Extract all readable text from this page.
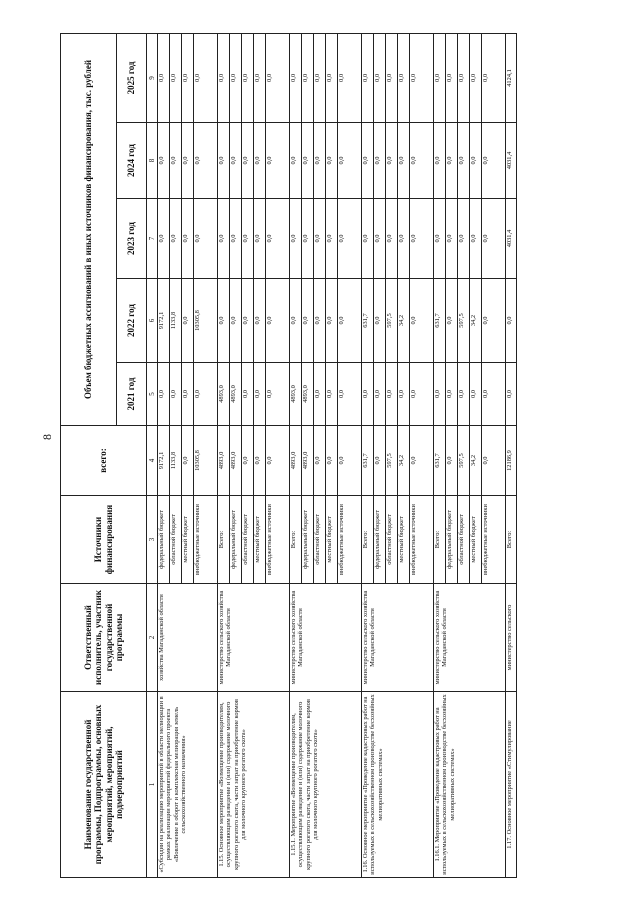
8
Наименование государственной программы, Подпрограммы, основных мероприятий, мероприятий, подмероприятий	Ответственный исполнитель, участник государственной программы	Источники финансирования	всего:	Объем бюджетных ассигнований в иных источников финансирования, тыс. рублей				
				2021 год	2022 год	2023 год	2024 год	2025 год
1	2	3	4	5	6	7	8	9
«Субсидии на реализацию мероприятий в области мелиорации в рамках реализации мероприятий федерального проекта «Вовлечение в оборот и комплексная мелиорация земель сельскохозяйственного назначения»	хозяйства Магаданской области	федеральный бюджет	9172,1	0,0	9172,1	0,0	0,0	0,0
		областной бюджет	1133,8	0,0	1133,8	0,0	0,0	0,0
		местный бюджет	0,0	0,0	0,0	0,0	0,0	0,0
		внебюджетные источники	10305,8	0,0	10305,8	0,0	0,0	0,0
1.15. Основное мероприятие «Возмещение производителям, осуществляющим разведение и (или) содержание молочного крупного рогатого скота, части затрат на приобретение кормов для молочного крупного рогатого скота»	министерство сельского хозяйства Магаданской области	Всего:	4893,0	4893,0	0,0	0,0	0,0	0,0
		федеральный бюджет	4893,0	4893,0	0,0	0,0	0,0	0,0
		областной бюджет	0,0	0,0	0,0	0,0	0,0	0,0
		местный бюджет	0,0	0,0	0,0	0,0	0,0	0,0
		внебюджетные источники	0,0	0,0	0,0	0,0	0,0	0,0
1.15.1. Мероприятие «Возмещение производителям, осуществляющим разведение и (или) содержание молочного крупного рогатого скота, части затрат на приобретение кормов для молочного крупного рогатого скота»	министерство сельского хозяйства Магаданской области	Всего:	4893,0	4893,0	0,0	0,0	0,0	0,0
		федеральный бюджет	4893,0	4893,0	0,0	0,0	0,0	0,0
		областной бюджет	0,0	0,0	0,0	0,0	0,0	0,0
		местный бюджет	0,0	0,0	0,0	0,0	0,0	0,0
		внебюджетные источники	0,0	0,0	0,0	0,0	0,0	0,0
1.16. Основное мероприятие «Проведение кадастровых работ на используемых в сельскохозяйственном производстве бесхозяйных мелиоративных системах»	министерство сельского хозяйства Магаданской области	Всего:	631,7	0,0	631,7	0,0	0,0	0,0
		федеральный бюджет	0,0	0,0	0,0	0,0	0,0	0,0
		областной бюджет	597,5	0,0	597,5	0,0	0,0	0,0
		местный бюджет	34,2	0,0	34,2	0,0	0,0	0,0
		внебюджетные источники	0,0	0,0	0,0	0,0	0,0	0,0
1.16.1. Мероприятие «Проведение кадастровых работ на используемых в сельскохозяйственном производстве бесхозяйных мелиоративных системах»	министерство сельского хозяйства Магаданской области	Всего:	631,7	0,0	631,7	0,0	0,0	0,0
		федеральный бюджет	0,0	0,0	0,0	0,0	0,0	0,0
		областной бюджет	597,5	0,0	597,5	0,0	0,0	0,0
		местный бюджет	34,2	0,0	34,2	0,0	0,0	0,0
		внебюджетные источники	0,0	0,0	0,0	0,0	0,0	0,0
1.17. Основное мероприятие «Стимулирование	министерство сельского	Всего:	12186,9	0,0	0,0	4031,4	4031,4	4124,1
